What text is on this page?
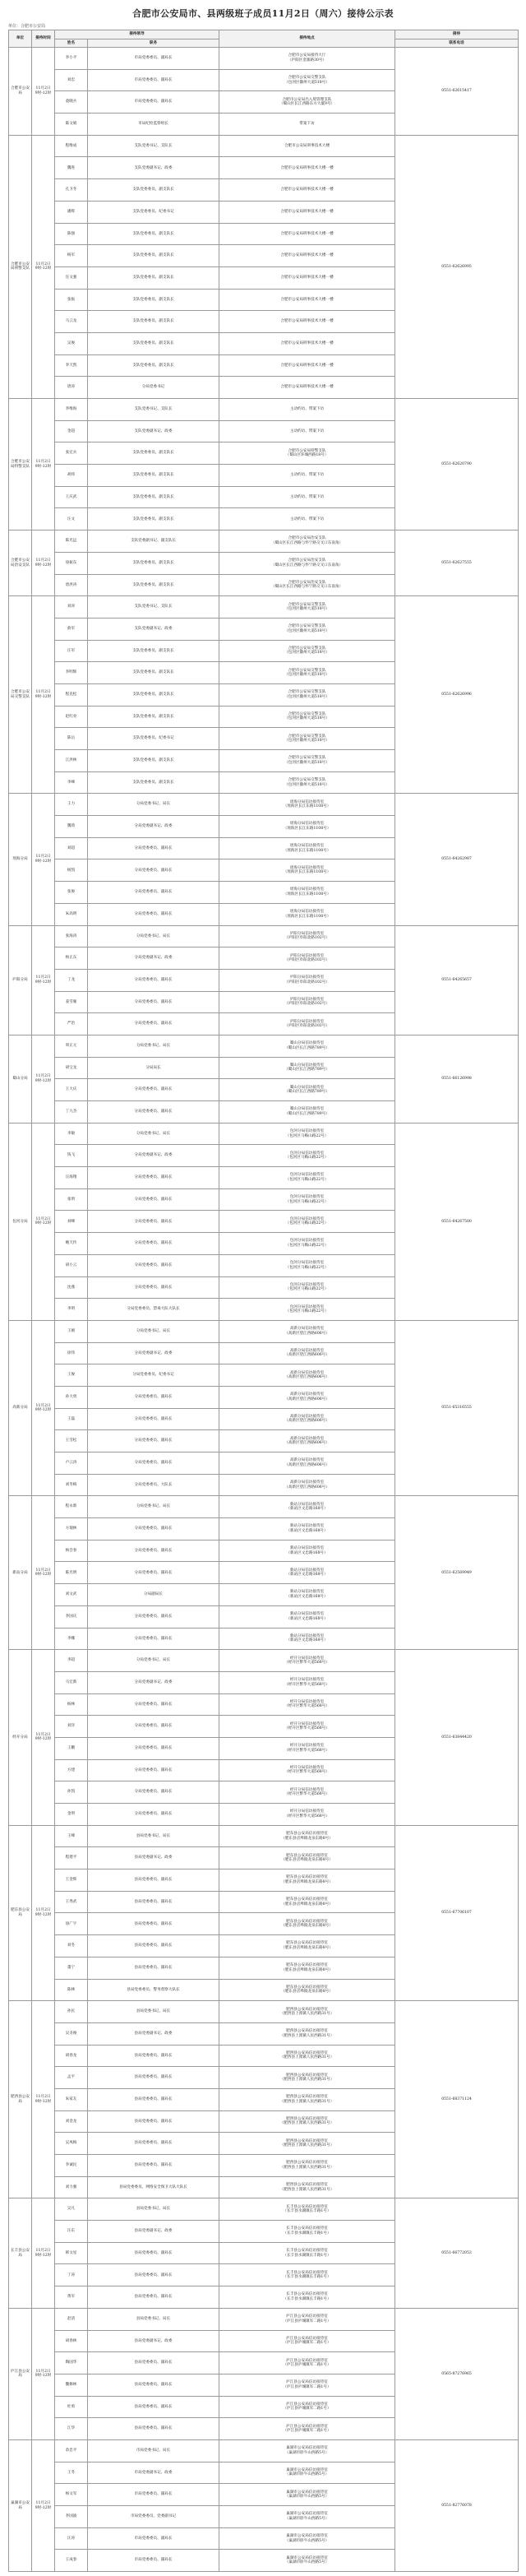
合肥市公安局市、县两级班子成员11月2日（周六）接待公示表
单位：合肥市公安局
单位	接待时间	接待领导		接待地点	接待
		姓名	职务		联系电话
合肥市公安局	11月2日
9时-12时	李小平	市局党委委员、副局长	合肥市公安局接待大厅
（庐阳区金寨路30号）	0551-62615417
		刘忠	市局党委委员、副局长	合肥市公安局交警支队
（包河区徽州大道518号）	
		童晓兵	市局党委委员、副局长	合肥市公安局出入境管理支队
（蜀山区长江西路东方大厦9号）	
		陈文娟	市局纪检监察组长	带案下访	
合肥市公安局刑警支队	11月2日
9时-12时	程维成	支队党委书记、支队长	合肥市公安局刑事技术大楼	0551-62626995
		魏进	支队党委副书记、政委	合肥市公安局刑事技术大楼一楼	
		孔卫冬	支队党委委员、副支队长	合肥市公安局刑事技术大楼一楼	
		潘辉	支队党委委员、纪委书记	合肥市公安局刑事技术大楼一楼	
		陈强	支队党委委员、副支队长	合肥市公安局刑事技术大楼一楼	
		杨军	支队党委委员、副支队长	合肥市公安局刑事技术大楼一楼	
		任文强	支队党委委员、副支队长	合肥市公安局刑事技术大楼一楼	
		张振	支队党委委员、副支队长	合肥市公安局刑事技术大楼一楼	
		马云龙	支队党委委员、副支队长	合肥市公安局刑事技术大楼一楼	
		吴俊	支队党委委员、副支队长	合肥市公安局刑事技术大楼一楼	
		李天凯	支队党委委员、副支队长	合肥市公安局刑事技术大楼一楼	
		唐涛	分局党委书记	合肥市公安局刑事技术大楼一楼	
合肥市公安局特警支队	11月2日
9时-12时	李维海	支队党委书记、支队长	主动约访、带案下访	0551-62620790
		金超	支队党委副书记、政委	主动约访、带案下访	
		张宏兵	支队党委委员、副支队长	合肥市公安局特警支队
（蜀山区环城西路18号）	
		胡炜	支队党委委员、副支队长	主动约访、带案下访	
		王庆武	支队党委委员、副支队长	主动约访、带案下访	
		汪文	支队党委委员、副支队长	主动约访、带案下访	
合肥市公安局治安支队	11月2日
9时-12时	陈光远	支队党委副书记、副支队长	合肥市公安局治安支队
（蜀山区长江西路与怀宁路交叉口东南角）	0551-62627555
		徐振东	支队党委委员、副支队长	合肥市公安局治安支队
（蜀山区长江西路与怀宁路交叉口东南角）	
		唐洪涛	支队党委委员、副支队长	合肥市公安局治安支队
（蜀山区长江西路与怀宁路交叉口东南角）	
合肥市公安局交警支队	11月2日
9时-12时	刘涛	支队党委书记、支队长	合肥市公安局交警支队
（包河区徽州大道518号）	0551-62626996
		俞军	支队党委副书记、政委	合肥市公安局交警支队
（包河区徽州大道518号）	
		汪军	支队党委委员、副支队长	合肥市公安局交警支队
（包河区徽州大道518号）	
		李明辉	支队党委委员、副支队长	合肥市公安局交警支队
（包河区徽州大道518号）	
		程克松	支队党委委员、副支队长	合肥市公安局交警支队
（包河区徽州大道518号）	
		赵红亮	支队党委委员、副支队长	合肥市公安局交警支队
（包河区徽州大道518号）	
		陈岳	支队党委委员、纪委书记	合肥市公安局交警支队
（包河区徽州大道518号）	
		江洪林	支队党委委员、副支队长	合肥市公安局交警支队
（包河区徽州大道518号）	
		李峰	支队党委委员、副支队长	合肥市公安局交警支队
（包河区徽州大道518号）	
瑶海分局	11月2日
9时-12时	王力	分局党委书记、局长	瑶海分局信访接待室
（瑶海区长江东路1108号）	0551-64262987
		魏琦	分局党委副书记、政委	瑶海分局信访接待室
（瑶海区长江东路1108号）	
		刘超	分局党委委员、副局长	瑶海分局信访接待室
（瑶海区长江东路1108号）	
		杨凯	分局党委委员、副局长	瑶海分局信访接待室
（瑶海区长江东路1108号）	
		张俊	分局党委委员、副局长	瑶海分局信访接待室
（瑶海区长江东路1108号）	
		朱高明	分局党委委员、副局长	瑶海分局信访接待室
（瑶海区长江东路1108号）	
庐阳分局	11月2日
9时-12时	张海涛	分局党委书记、局长	庐阳分局信访接待室
（庐阳区阜阳北路102号）	0551-64265657
		杨正东	分局党委副书记、政委	庐阳分局信访接待室
（庐阳区阜阳北路102号）	
		丁龙	分局党委委员、副局长	庐阳分局信访接待室
（庐阳区阜阳北路102号）	
		姜雪雁	分局党委委员、副局长	庐阳分局信访接待室
（庐阳区阜阳北路102号）	
		严治	分局党委委员、副局长	庐阳分局信访接待室
（庐阳区阜阳北路102号）	
蜀山分局	11月2日
9时-12时	周正元	分局党委书记、局长	蜀山分局信访接待室
（蜀山区长江西路789号）	0551-66126998
		胡宝龙	分局局长	蜀山分局信访接待室
（蜀山区长江西路789号）	
		王大庆	分局党委委员、副局长	蜀山分局信访接待室
（蜀山区长江西路789号）	
		丁九杰	分局党委委员、副局长	蜀山分局信访接待室
（蜀山区长江西路789号）	
包河分局	11月2日
9时-12时	李敏	分局党委书记、局长	包河分局信访接待室
（包河区马鞍山路22号）	0551-64267500
		钱飞	分局党委副书记、政委	包河分局信访接待室
（包河区马鞍山路22号）	
		汪海翔	分局党委委员、副局长	包河分局信访接待室
（包河区马鞍山路22号）	
		张明	分局党委委员、副局长	包河分局信访接待室
（包河区马鞍山路22号）	
		刘峰	分局党委委员、副局长	包河分局信访接待室
（包河区马鞍山路22号）	
		鲍天传	分局党委委员、副局长	包河分局信访接待室
（包河区马鞍山路22号）	
		胡小云	分局党委委员、副局长	包河分局信访接待室
（包河区马鞍山路22号）	
		沈燕	分局党委委员、副局长	包河分局信访接待室
（包河区马鞍山路22号）	
		李明	分局党委委员、禁毒大队大队长	包河分局信访接待室
（包河区马鞍山路22号）	
高新分局	11月2日
9时-12时	王刚	分局党委书记、局长	高新分局信访接待室
（高新区望江西路606号）	0551-65316555
		徐伟	分局党委副书记、政委	高新分局信访接待室
（高新区望江西路606号）	
		王俊	分局党委委员、纪委书记	高新分局信访接待室
（高新区望江西路606号）	
		孙大勇	分局党委委员、副局长	高新分局信访接待室
（高新区望江西路606号）	
		王磊	分局党委委员、副局长	高新分局信访接待室
（高新区望江西路606号）	
		王雪松	分局党委委员、副局长	高新分局信访接待室
（高新区望江西路606号）	
		卢云涛	分局党委委员、副局长	高新分局信访接待室
（高新区望江西路606号）	
		刘冬梅	分局党委委员、大队长	高新分局信访接待室
（高新区望江西路606号）	
新站分局	11月2日
9时-12时	程永新	分局党委书记、局长	新站分局信访接待室
（新站区文忠路168号）	0551-62569949
		方瑞林	分局党委委员、副局长	新站分局信访接待室
（新站区文忠路168号）	
		杨会春	分局党委委员、副局长	新站分局信访接待室
（新站区文忠路168号）	
		陈光明	分局党委委员、副局长	新站分局信访接待室
（新站区文忠路168号）	
		刘文武	分局副局长	新站分局信访接待室
（新站区文忠路168号）	
		李国庆	分局党委委员、副局长	新站分局信访接待室
（新站区文忠路168号）	
		李娜	分局党委委员、副局长	新站分局信访接待室
（新站区文忠路168号）	
经开分局	11月2日
9时-12时	李超	分局党委书记、局长	经开分局信访接待室
（经开区繁华大道568号）	0551-63844420
		马宏新	分局党委副书记、政委	经开分局信访接待室
（经开区繁华大道568号）	
		杨林	分局党委委员、副局长	经开分局信访接待室
（经开区繁华大道568号）	
		刘洋	分局党委委员、副局长	经开分局信访接待室
（经开区繁华大道568号）	
		王鹏	分局党委委员、副局长	经开分局信访接待室
（经开区繁华大道568号）	
		方建	分局党委委员、副局长	经开分局信访接待室
（经开区繁华大道568号）	
		孙凯	分局党委委员、副局长	经开分局信访接待室
（经开区繁华大道568号）	
		金明	分局党委委员、副局长	经开分局信访接待室
（经开区繁华大道568号）	
肥东县公安局	11月2日
9时-12时	王峰	县局党委书记、局长	肥东县公安局信访接待室
（肥东县店埠镇龙泉东路8号）	0551-67706107
		程建平	县局党委副书记、政委	肥东县公安局信访接待室
（肥东县店埠镇龙泉东路8号）	
		王金辉	县局党委委员、副局长	肥东县公安局信访接待室
（肥东县店埠镇龙泉东路8号）	
		王秀武	县局党委委员、副局长	肥东县公安局信访接待室
（肥东县店埠镇龙泉东路8号）	
		徐广宇	县局党委委员、副局长	肥东县公安局信访接待室
（肥东县店埠镇龙泉东路8号）	
		刘冬	县局党委委员、副局长	肥东县公安局信访接待室
（肥东县店埠镇龙泉东路8号）	
		董宁	县局党委委员、副局长	肥东县公安局信访接待室
（肥东县店埠镇龙泉东路8号）	
		陈林	县局党委委员、警务督察大队长	肥东县公安局信访接待室
（肥东县店埠镇龙泉东路8号）	
肥西县公安局	11月2日
9时-12时	孙民	县局党委书记、局长	肥西县公安局信访接待室
（肥西县上派镇人民西路31号）	0551-68371124
		吴圣俊	县局党委副书记、政委	肥西县公安局信访接待室
（肥西县上派镇人民西路31号）	
		胡春龙	县局党委委员、副局长	肥西县公安局信访接待室
（肥西县上派镇人民西路31号）	
		孟平	县局党委委员、副局长	肥西县公安局信访接待室
（肥西县上派镇人民西路31号）	
		朱家友	县局党委委员、副局长	肥西县公安局信访接待室
（肥西县上派镇人民西路31号）	
		刘金龙	县局党委委员、副局长	肥西县公安局信访接待室
（肥西县上派镇人民西路31号）	
		吴凤梅	县局党委委员、副局长	肥西县公安局信访接待室
（肥西县上派镇人民西路31号）	
		李诚民	县局党委委员、副局长	肥西县公安局信访接待室
（肥西县上派镇人民西路31号）	
		刘力强	县局党委委员、网络安全保卫大队大队长	肥西县公安局信访接待室
（肥西县上派镇人民西路31号）	
长丰县公安局	11月2日
9时-12时	吴凡	县局党委书记、局长	长丰县公安局信访接待室
（长丰县水湖镇长丰路1号）	0551-66772053
		汪东	县局党委副书记、政委	长丰县公安局信访接待室
（长丰县水湖镇长丰路1号）	
		韩文星	县局党委委员、副局长	长丰县公安局信访接待室
（长丰县水湖镇长丰路1号）	
		丁涛	县局党委委员、副局长	长丰县公安局信访接待室
（长丰县水湖镇长丰路1号）	
		黄军	县局党委委员、副局长	长丰县公安局信访接待室
（长丰县水湖镇长丰路1号）	
庐江县公安局	11月2日
9时-12时	赵清	县局党委书记、局长	庐江县公安局信访接待室
（庐江县庐城镇军二路1号）	0565-87276965
		胡春林	县局党委副书记、政委	庐江县公安局信访接待室
（庐江县庐城镇军二路1号）	
		陶国华	县局党委委员、副局长	庐江县公安局信访接待室
（庐江县庐城镇军二路1号）	
		魏修林	县局党委委员、副局长	庐江县公安局信访接待室
（庐江县庐城镇军二路1号）	
		杜勇	县局党委委员、副局长	庐江县公安局信访接待室
（庐江县庐城镇军二路1号）	
		江华	县局党委委员、副局长	庐江县公安局信访接待室
（庐江县庐城镇军二路1号）	
巢湖市公安局	11月2日
9时-12时	余忠平	市局党委书记、局长	巢湖市公安局信访接待室
（巢湖市卧牛山西路5号）	0551-82776078
		王冬	市局党委副书记、政委	巢湖市公安局信访接待室
（巢湖市卧牛山西路5号）	
		杨文军	市局党委委员、副局长	巢湖市公安局信访接待室
（巢湖市卧牛山西路5号）	
		李国波	市局党委委员、党委副书记	巢湖市公安局信访接待室
（巢湖市卧牛山西路5号）	
		汪涛	市局党委委员、副局长	巢湖市公安局信访接待室
（巢湖市卧牛山西路5号）	
		王成春	市局党委委员、副局长	巢湖市公安局信访接待室
（巢湖市卧牛山西路5号）	
